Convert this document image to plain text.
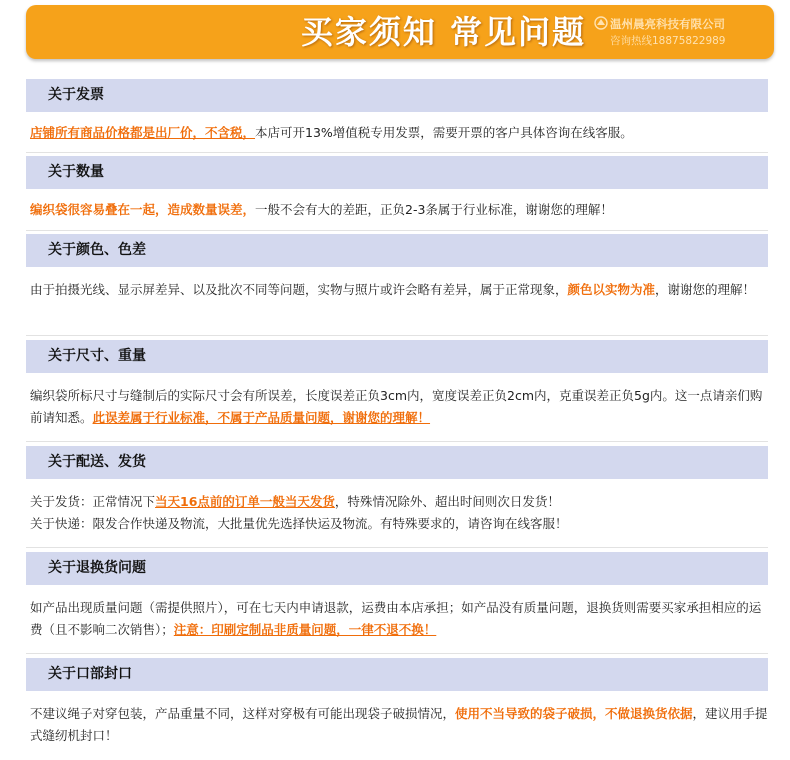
买家须知 常见问题 温州晨亮科技有限公司
咨询热线18875822989
关于发票

店铺所有商品价格都是出厂价，不含税，本店可开13%增值税专用发票，需要开票的客户具体咨询在线客服。

关于数量

编织袋很容易叠在一起，造成数量误差，一般不会有大的差距，正负2-3条属于行业标准，谢谢您的理解！

关于颜色、色差

由于拍摄光线、显示屏差异、以及批次不同等问题，实物与照片或许会略有差异，属于正常现象，颜色以实物为准，谢谢您的理解！

关于尺寸、重量

编织袋所标尺寸与缝制后的实际尺寸会有所误差，长度误差正负3cm内，宽度误差正负2cm内，克重误差正负5g内。这一点请亲们购前请知悉。此误差属于行业标准，不属于产品质量问题，谢谢您的理解！

关于配送、发货

关于发货：正常情况下当天16点前的订单一般当天发货，特殊情况除外、超出时间则次日发货！
关于快递：限发合作快递及物流，大批量优先选择快运及物流。有特殊要求的，请咨询在线客服！

关于退换货问题

如产品出现质量问题（需提供照片），可在七天内申请退款，运费由本店承担；如产品没有质量问题，退换货则需要买家承担相应的运费（且不影响二次销售）；注意：印刷定制品非质量问题，一律不退不换！

关于口部封口

不建议绳子对穿包装，产品重量不同，这样对穿极有可能出现袋子破损情况，使用不当导致的袋子破损，不做退换货依据，建议用手提式缝纫机封口！
